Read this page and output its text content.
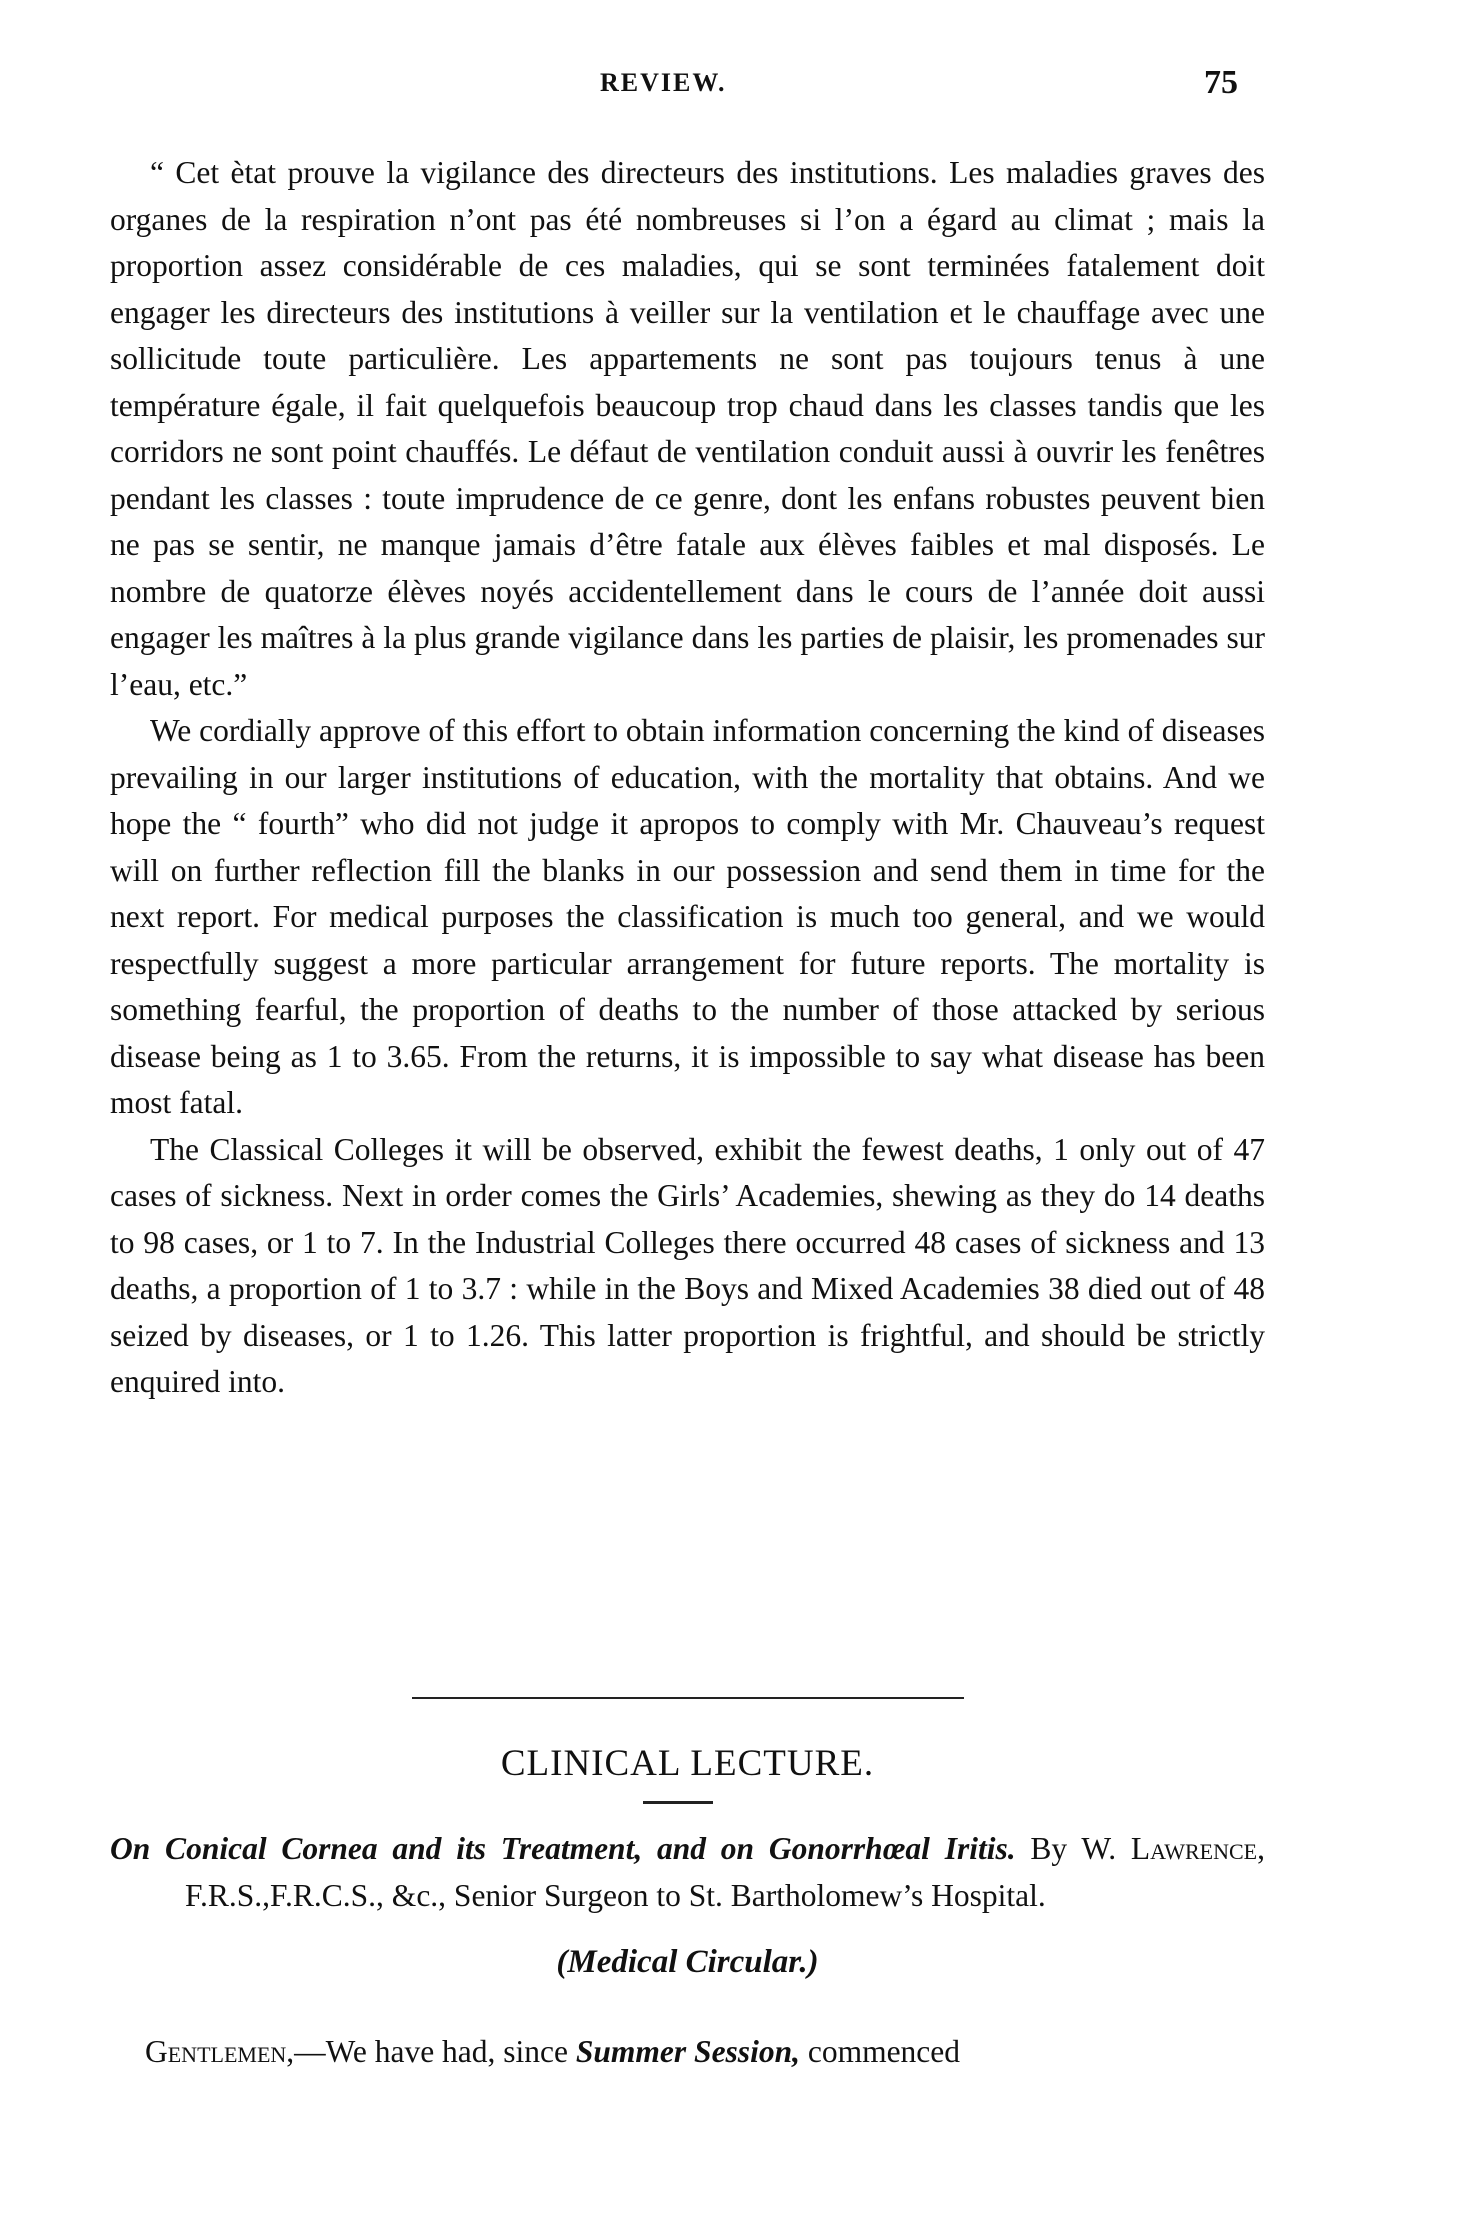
REVIEW.	75

“ Cet ètat prouve la vigilance des directeurs des institutions. Les maladies graves des organes de la respiration n’ont pas été nombreuses si l’on a égard au climat ; mais la proportion assez considérable de ces maladies, qui se sont terminées fatalement doit engager les directeurs des institutions à veiller sur la ventilation et le chauffage avec une sollicitude toute particulière. Les appartements ne sont pas toujours tenus à une température égale, il fait quelquefois beaucoup trop chaud dans les classes tandis que les corridors ne sont point chauffés. Le défaut de ventilation conduit aussi à ouvrir les fenêtres pendant les classes : toute imprudence de ce genre, dont les enfans robustes peuvent bien ne pas se sentir, ne manque jamais d’être fatale aux élèves faibles et mal disposés. Le nombre de quatorze élèves noyés accidentellement dans le cours de l’année doit aussi engager les maîtres à la plus grande vigilance dans les parties de plaisir, les promenades sur l’eau, etc.”

We cordially approve of this effort to obtain information concerning the kind of diseases prevailing in our larger institutions of education, with the mortality that obtains. And we hope the “ fourth” who did not judge it apropos to comply with Mr. Chauveau’s request will on further reflection fill the blanks in our possession and send them in time for the next report. For medical purposes the classification is much too general, and we would respectfully suggest a more particular arrangement for future reports. The mortality is something fearful, the proportion of deaths to the number of those attacked by serious disease being as 1 to 3.65. From the returns, it is impossible to say what disease has been most fatal.

The Classical Colleges it will be observed, exhibit the fewest deaths, 1 only out of 47 cases of sickness. Next in order comes the Girls’ Academies, shewing as they do 14 deaths to 98 cases, or 1 to 7. In the Industrial Colleges there occurred 48 cases of sickness and 13 deaths, a proportion of 1 to 3.7 : while in the Boys and Mixed Academies 38 died out of 48 seized by diseases, or 1 to 1.26. This latter proportion is frightful, and should be strictly enquired into.

CLINICAL LECTURE.
On Conical Cornea and its Treatment, and on Gonorrhœal Iritis. By W. Lawrence, F.R.S.,F.R.C.S., &c., Senior Surgeon to St. Bartholomew’s Hospital.
(Medical Circular.)
Gentlemen,—We have had, since Summer Session, commenced
